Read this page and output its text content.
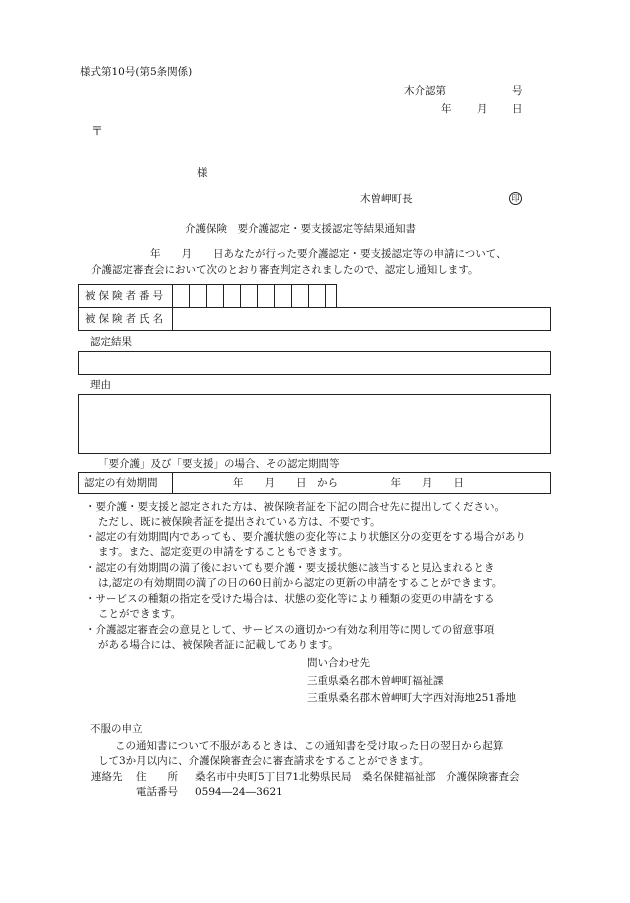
様式第10号(第5条関係)
木介認第	号
年 月 日
〒
様
木曽岬町長	印
介護保険　要介護認定・要支援認定等結果通知書
年　　月　　日あなたが行った要介護認定・要支援認定等の申請について、
介護認定審査会において次のとおり審査判定されましたので、認定し通知します。
被保険者番号
被保険者氏名
認定結果
理由
「要介護」及び「要支援」の場合、その認定期間等
認定の有効期間	年　　月　　日　から　　　　　年　　月　　日
・要介護・要支援と認定された方は、被保険者証を下記の問合せ先に提出してください。
ただし、既に被保険者証を提出されている方は、不要です。
・認定の有効期間内であっても、要介護状態の変化等により状態区分の変更をする場合があり
ます。また、認定変更の申請をすることもできます。
・認定の有効期間の満了後においても要介護・要支援状態に該当すると見込まれるとき
は,認定の有効期間の満了の日の60日前から認定の更新の申請をすることができます。
・サービスの種類の指定を受けた場合は、状態の変化等により種類の変更の申請をする
ことができます。
・介護認定審査会の意見として、サービスの適切かつ有効な利用等に関しての留意事項
がある場合には、被保険者証に記載してあります。
問い合わせ先
三重県桑名郡木曽岬町福祉課
三重県桑名郡木曽岬町大字西対海地251番地
不服の申立
この通知書について不服があるときは、この通知書を受け取った日の翌日から起算
して3か月以内に、介護保険審査会に審査請求をすることができます。
連絡先 住　　所 桑名市中央町5丁目71北勢県民局　桑名保健福祉部　介護保険審査会
電話番号 0594―24―3621
